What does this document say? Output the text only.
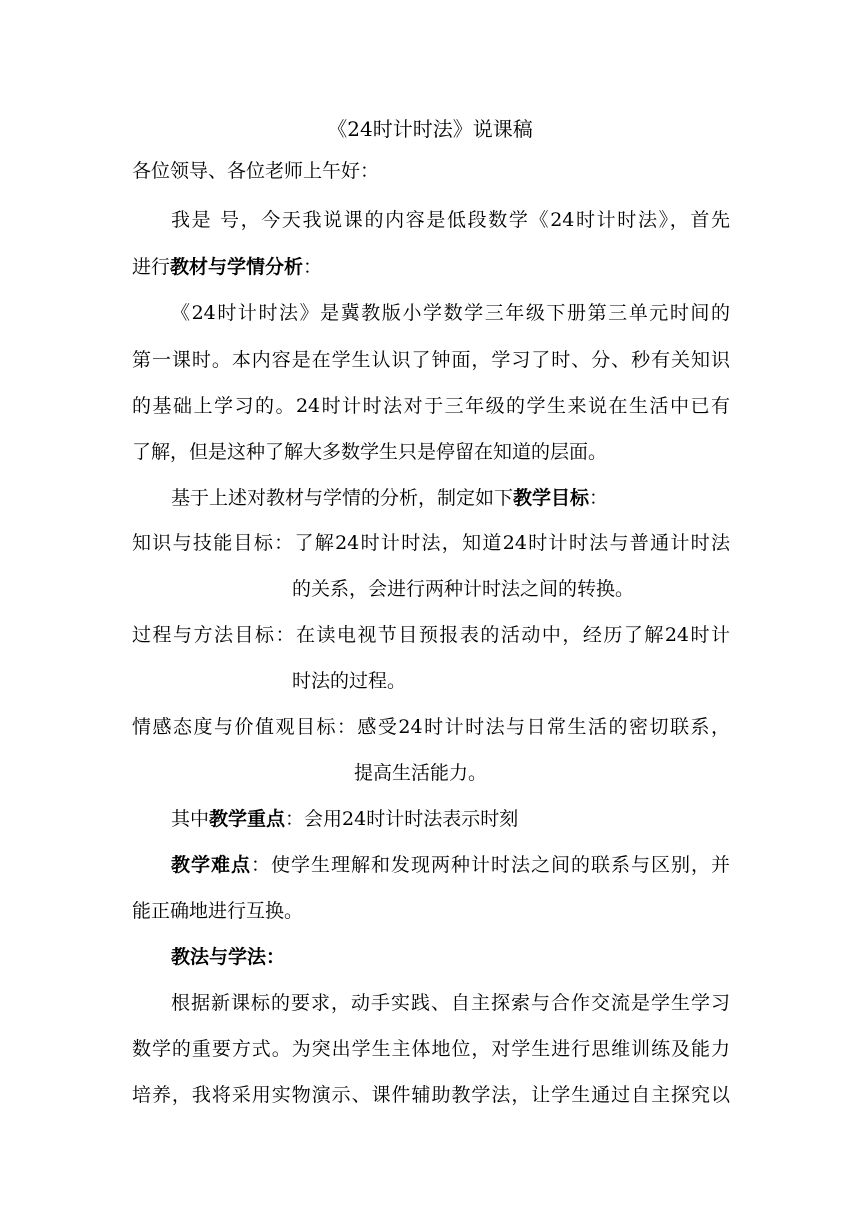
《24时计时法》说课稿
各位领导、各位老师上午好：
我是 号，今天我说课的内容是低段数学《24时计时法》，首先
进行教材与学情分析：
《24时计时法》是冀教版小学数学三年级下册第三单元时间的
第一课时。本内容是在学生认识了钟面，学习了时、分、秒有关知识
的基础上学习的。24时计时法对于三年级的学生来说在生活中已有
了解，但是这种了解大多数学生只是停留在知道的层面。
基于上述对教材与学情的分析，制定如下教学目标：
知识与技能目标：了解24时计时法，知道24时计时法与普通计时法
的关系，会进行两种计时法之间的转换。
过程与方法目标：在读电视节目预报表的活动中，经历了解24时计
时法的过程。
情感态度与价值观目标：感受24时计时法与日常生活的密切联系，
提高生活能力。
其中教学重点：会用24时计时法表示时刻
教学难点：使学生理解和发现两种计时法之间的联系与区别，并
能正确地进行互换。
教法与学法：
根据新课标的要求，动手实践、自主探索与合作交流是学生学习
数学的重要方式。为突出学生主体地位，对学生进行思维训练及能力
培养，我将采用实物演示、课件辅助教学法，让学生通过自主探究以
